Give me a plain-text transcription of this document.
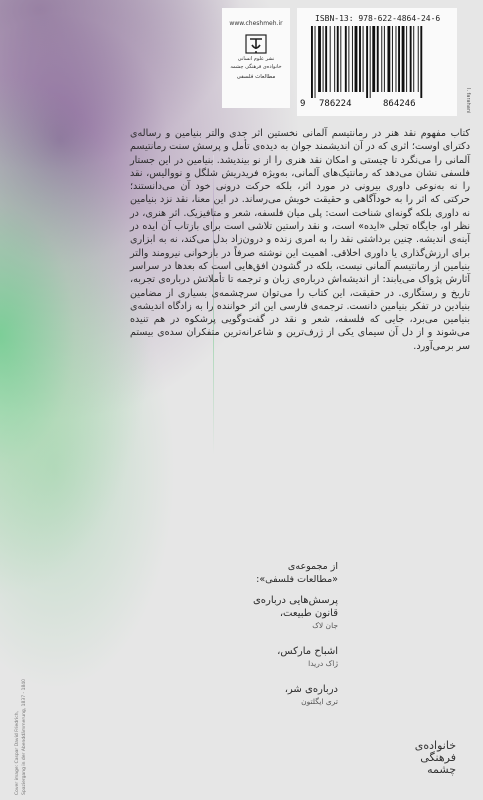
www.cheshmeh.ir
نشر علوم انسانی
خانواده‌ی فرهنگی چشمه
مطالعات فلسفی
ISBN-13: 978-622-4864-24-6
9 786224	864246	I. farahani
کتاب مفهوم نقد هنر در رمانتیسم آلمانی نخستین اثر جدی والتر بنیامین و رساله‌ی دکترای اوست؛ اثری که در آن اندیشمند جوان به دیده‌ی تأمل و پرسش سنت رمانتیسم آلمانی را می‌نگرد تا چیستی و امکان نقد هنری را از نو بیندیشد. بنیامین در این جستار فلسفی نشان می‌دهد که رمانتیک‌های آلمانی، به‌ویژه فریدریش شلگل و نووالیس، نقد را نه به‌نوعی داوری بیرونی در مورد اثر، بلکه حرکت درونی خود آن می‌دانستند؛ حرکتی که اثر را به خودآگاهی و حقیقت خویش می‌رساند. در این معنا، نقد نزد بنیامین نه داوری بلکه گونه‌ای شناخت است: پلی میان فلسفه، شعر و متافیزیک. اثر هنری، در نظر او، جایگاه تجلی «ایده» است، و نقد راستین تلاشی است برای بازتاب آن ایده در آینه‌ی اندیشه. چنین برداشتی نقد را به امری زنده و درون‌زاد بدل می‌کند، نه به ابزاری برای ارزش‌گذاری یا داوری اخلاقی. اهمیت این نوشته صرفاً در بازخوانی نیرومند والتر بنیامین از رمانتیسم آلمانی نیست، بلکه در گشودن افق‌هایی است که بعدها در سراسر آثارش پژواک می‌یابند: از اندیشه‌اش درباره‌ی زبان و ترجمه تا تأملاتش درباره‌ی تجربه، تاریخ و رستگاری. در حقیقت، این کتاب را می‌توان سرچشمه‌ی بسیاری از مضامین بنیادین در تفکر بنیامین دانست. ترجمه‌ی فارسی این اثر خواننده را به زادگاه اندیشه‌ی بنیامین می‌برد، جایی که فلسفه، شعر و نقد در گفت‌وگویی پرشکوه در هم تنیده می‌شوند و از دل آن سیمای یکی از ژرف‌ترین و شاعرانه‌ترین متفکران سده‌ی بیستم سر برمی‌آورد.
از مجموعه‌ی
«مطالعات فلسفی»:
پرسش‌هایی درباره‌ی
قانون طبیعت،
جان لاک
اشباح مارکس،
ژاک دریدا
درباره‌ی شر،
تری ایگلتون
Cover image: Caspar David Friedrich, Spaziergang in der Abenddämmerung, 1837 - 1840	خانواده‌ی
فرهنگی
چشمه
